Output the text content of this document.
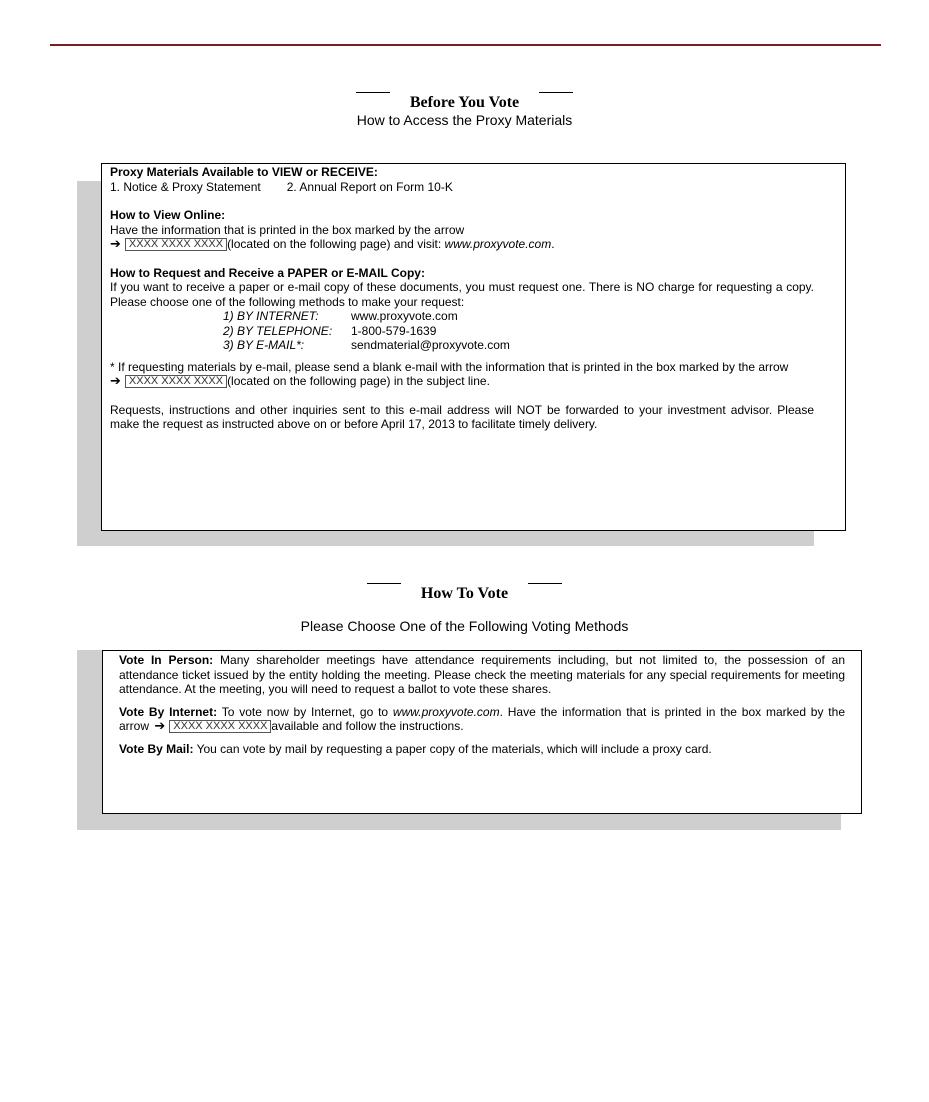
Before You Vote
How to Access the Proxy Materials

Proxy Materials Available to VIEW or RECEIVE:

1. Notice & Proxy Statement 2. Annual Report on Form 10-K

How to View Online:

Have the information that is printed in the box marked by the arrow

➔ XXXX XXXX XXXX (located on the following page) and visit: www.proxyvote.com.

How to Request and Receive a PAPER or E-MAIL Copy:

If you want to receive a paper or e-mail copy of these documents, you must request one. There is NO charge for requesting a copy. Please choose one of the following methods to make your request:

1) BY INTERNET:	www.proxyvote.com
2) BY TELEPHONE:	1-800-579-1639
3) BY E-MAIL*:	sendmaterial@proxyvote.com

* If requesting materials by e-mail, please send a blank e-mail with the information that is printed in the box marked by the arrow

➔ XXXX XXXX XXXX (located on the following page) in the subject line.

Requests, instructions and other inquiries sent to this e-mail address will NOT be forwarded to your investment advisor. Please make the request as instructed above on or before April 17, 2013 to facilitate timely delivery.

How To Vote
Please Choose One of the Following Voting Methods

Vote In Person: Many shareholder meetings have attendance requirements including, but not limited to, the possession of an attendance ticket issued by the entity holding the meeting. Please check the meeting materials for any special requirements for meeting attendance. At the meeting, you will need to request a ballot to vote these shares.

Vote By Internet: To vote now by Internet, go to www.proxyvote.com. Have the information that is printed in the box marked by the arrow ➔ XXXX XXXX XXXX available and follow the instructions.

Vote By Mail: You can vote by mail by requesting a paper copy of the materials, which will include a proxy card.
